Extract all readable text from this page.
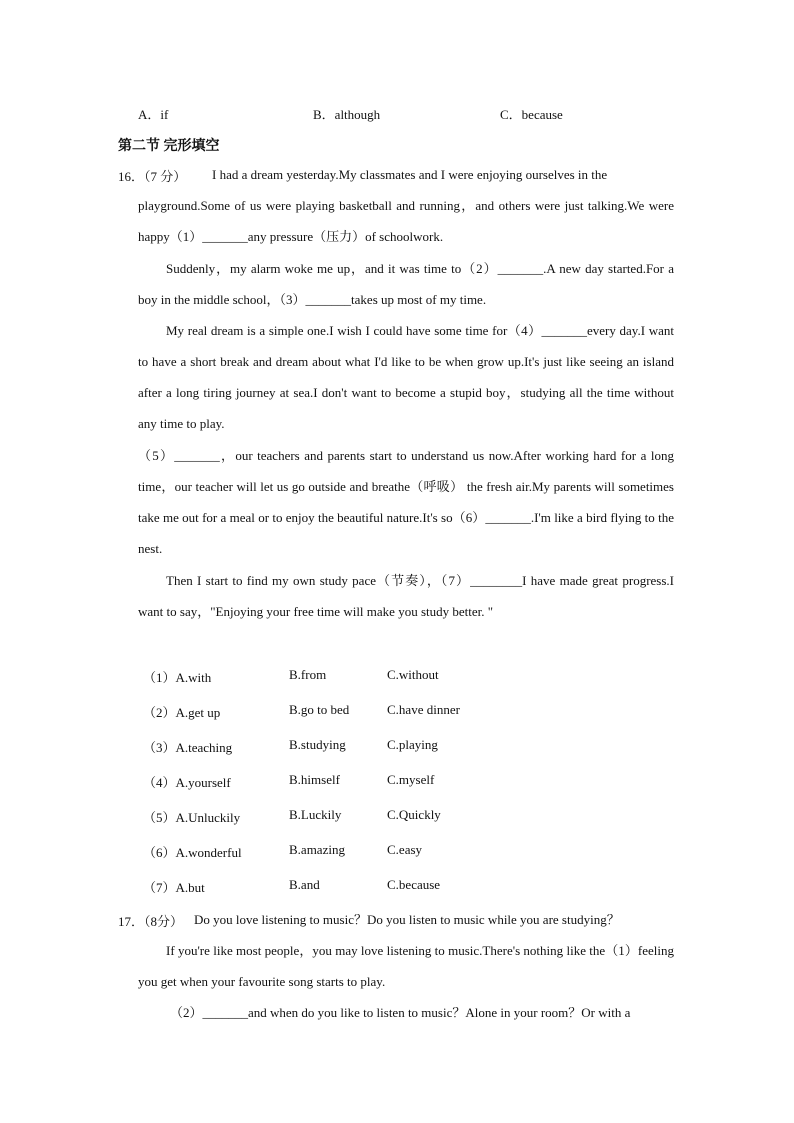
A．if	B．although	C．because
第二节 完形填空
16．（7 分） I had a dream yesterday.My classmates and I were enjoying ourselves in the
playground.Some of us were playing basketball and running，and others were just talking.We were happy（1）_______any pressure（压力）of schoolwork.
Suddenly，my alarm woke me up，and it was time to（2）_______.A new day started.For a boy in the middle school，（3）_______takes up most of my time.
My real dream is a simple one.I wish I could have some time for（4）_______every day.I want to have a short break and dream about what I'd like to be when grow up.It's just like seeing an island after a long tiring journey at sea.I don't want to become a stupid boy，studying all the time without any time to play.
（5）_______，our teachers and parents start to understand us now.After working hard for a long time，our teacher will let us go outside and breathe（呼吸） the fresh air.My parents will sometimes take me out for a meal or to enjoy the beautiful nature.It's so（6）_______.I'm like a bird flying to the nest.
Then I start to find my own study pace（节奏），（7）________I have made great progress.I want to say，"Enjoying your free time will make you study better. "
（1）A.with	B.from	C.without
（2）A.get up	B.go to bed	C.have dinner
（3）A.teaching	B.studying	C.playing
（4）A.yourself	B.himself	C.myself
（5）A.Unluckily	B.Luckily	C.Quickly
（6）A.wonderful	B.amazing	C.easy
（7）A.but	B.and	C.because
17．（8分） Do you love listening to music？Do you listen to music while you are studying？
If you're like most people，you may love listening to music.There's nothing like the（1）feeling you get when your favourite song starts to play.
（2）_______and when do you like to listen to music？Alone in your room？Or with a
